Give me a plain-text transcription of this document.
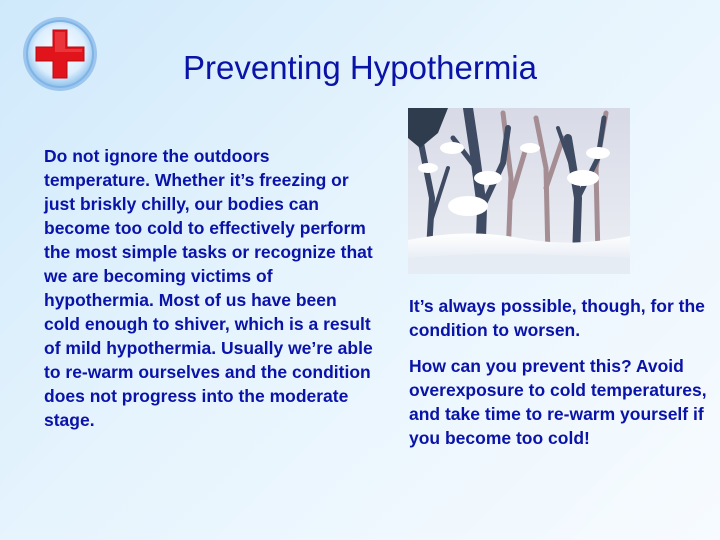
Preventing Hypothermia

Do not ignore the outdoors temperature. Whether it’s freezing or just briskly chilly, our bodies can become too cold to effectively perform the most simple tasks or recognize that we are becoming victims of hypothermia. Most of us have been cold enough to shiver, which is a result of mild hypothermia. Usually we’re able to re-warm ourselves and the condition does not progress into the moderate stage.

It’s always possible, though, for the condition to worsen.

How can you prevent this? Avoid overexposure to cold temperatures, and take time to re-warm yourself if you become too cold!
